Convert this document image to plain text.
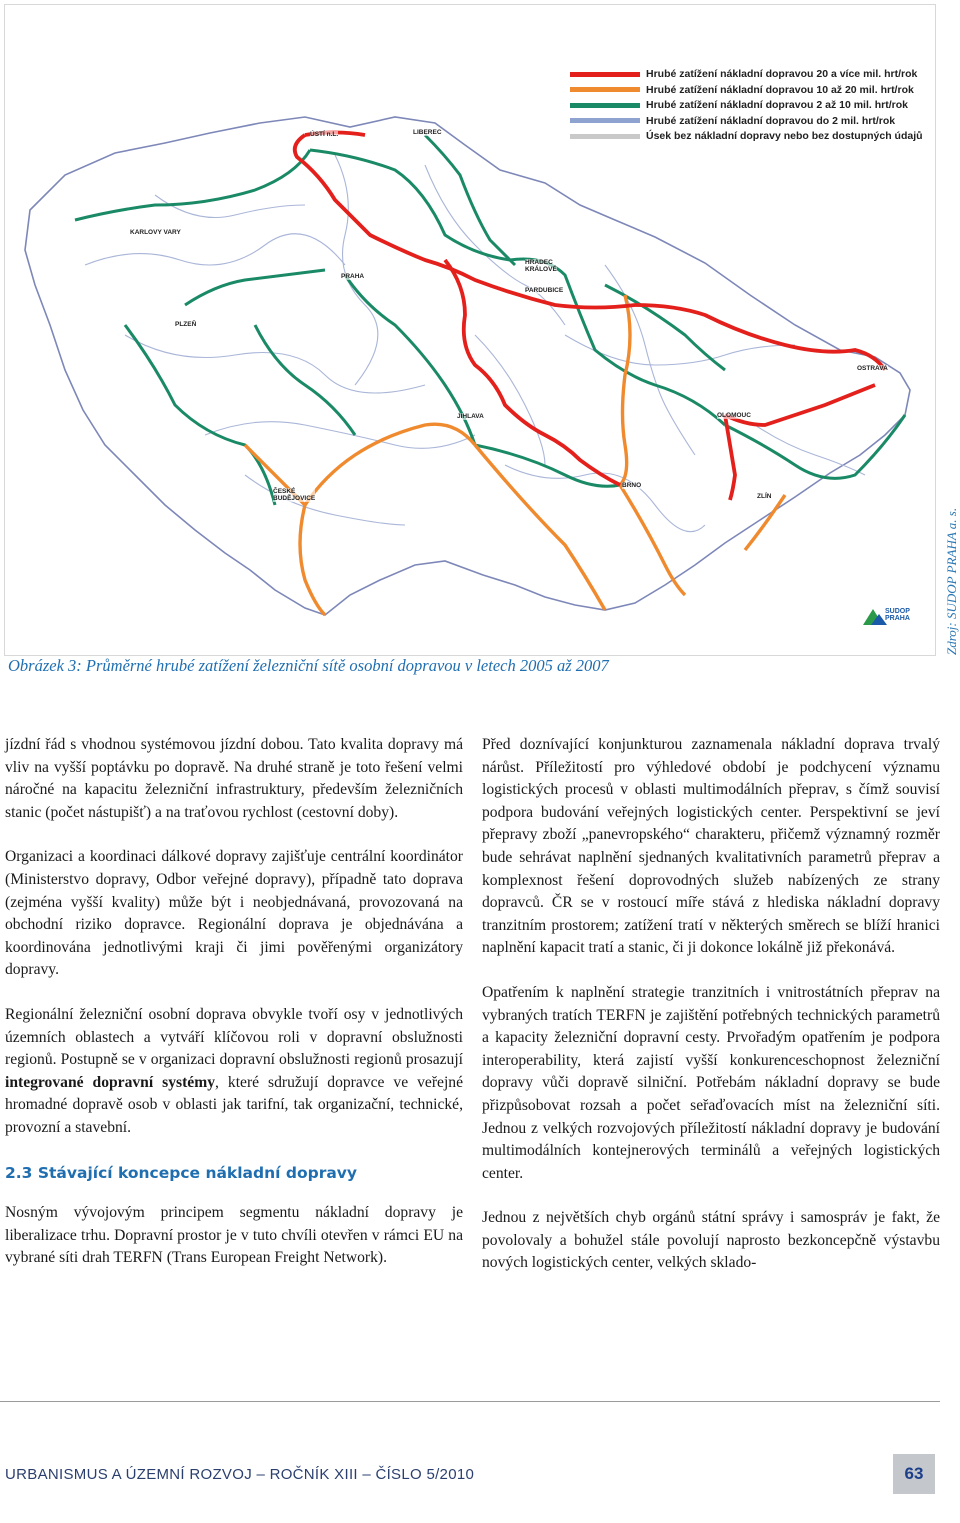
Hrubé zatížení nákladní dopravou 20 a více mil. hrt/rok
Hrubé zatížení nákladní dopravou 10 až 20 mil. hrt/rok
Hrubé zatížení nákladní dopravou 2 až 10 mil. hrt/rok
Hrubé zatížení nákladní dopravou do 2 mil. hrt/rok
Úsek bez nákladní dopravy nebo bez dostupných údajů
ÚSTÍ n.L.	LIBEREC
KARLOVY VARY
HRADEC
KRÁLOVÉ
PRAHA
PARDUBICE
PLZEŇ
OSTRAVA
OLOMOUC
JIHLAVA
ČESKÉ
BUDĚJOVICE
BRNO
ZLÍN
SUDOP
PRAHA	Zdroj: SUDOP PRAHA a. s.
Obrázek 3: Průměrné hrubé zatížení železniční sítě osobní dopravou v letech 2005 až 2007

jízdní řád s vhodnou systémovou jízdní dobou. Tato kvalita dopravy má vliv na vyšší poptávku po dopravě. Na druhé straně je toto řešení velmi náročné na kapacitu železniční infrastruktury, především železničních stanic (počet nástupišť) a na traťovou rychlost (cestovní doby).

Organizaci a koordinaci dálkové dopravy zajišťuje centrální koordinátor (Ministerstvo dopravy, Odbor veřejné dopravy), případně tato doprava (zejména vyšší kvality) může být i neobjednávaná, provozovaná na obchodní riziko dopravce. Regionální doprava je objednávána a koordinována jednotlivými kraji či jimi pověřenými organizátory dopravy.

Regionální železniční osobní doprava obvykle tvoří osy v jednotlivých územních oblastech a vytváří klíčovou roli v dopravní obslužnosti regionů. Postupně se v organizaci dopravní obslužnosti regionů prosazují integrované dopravní systémy, které sdružují dopravce ve veřejné hromadné dopravě osob v oblasti jak tarifní, tak organizační, technické, provozní a stavební.

2.3 Stávající koncepce nákladní dopravy

Nosným vývojovým principem segmentu nákladní dopravy je liberalizace trhu. Dopravní prostor je v tuto chvíli otevřen v rámci EU na vybrané síti drah TERFN (Trans European Freight Network).

Před doznívající konjunkturou zaznamenala nákladní doprava trvalý nárůst. Příležitostí pro výhledové období je podchycení významu logistických procesů v oblasti multimodálních přeprav, s čímž souvisí podpora budování veřejných logistických center. Perspektivní se jeví přepravy zboží „panevropského“ charakteru, přičemž významný rozměr bude sehrávat naplnění sjednaných kvalitativních parametrů přeprav a komplexnost řešení doprovodných služeb nabízených ze strany dopravců. ČR se v rostoucí míře stává z hlediska nákladní dopravy tranzitním prostorem; zatížení tratí v některých směrech se blíží hranici naplnění kapacit tratí a stanic, či ji dokonce lokálně již překonává.

Opatřením k naplnění strategie tranzitních i vnitrostátních přeprav na vybraných tratích TERFN je zajištění potřebných technických parametrů a kapacity železniční dopravní cesty. Prvořadým opatřením je podpora interoperability, která zajistí vyšší konkurenceschopnost železniční dopravy vůči dopravě silniční. Potřebám nákladní dopravy se bude přizpůsobovat rozsah a počet seřaďovacích míst na železniční síti. Jednou z velkých rozvojových příležitostí nákladní dopravy je budování multimodálních kontejnerových terminálů a veřejných logistických center.

Jednou z největších chyb orgánů státní správy i samospráv je fakt, že povolovaly a bohužel stále povolují naprosto bezkoncepčně výstavbu nových logistických center, velkých sklado-

URBANISMUS A ÚZEMNÍ ROZVOJ – ROČNÍK XIII – ČÍSLO 5/2010	63
